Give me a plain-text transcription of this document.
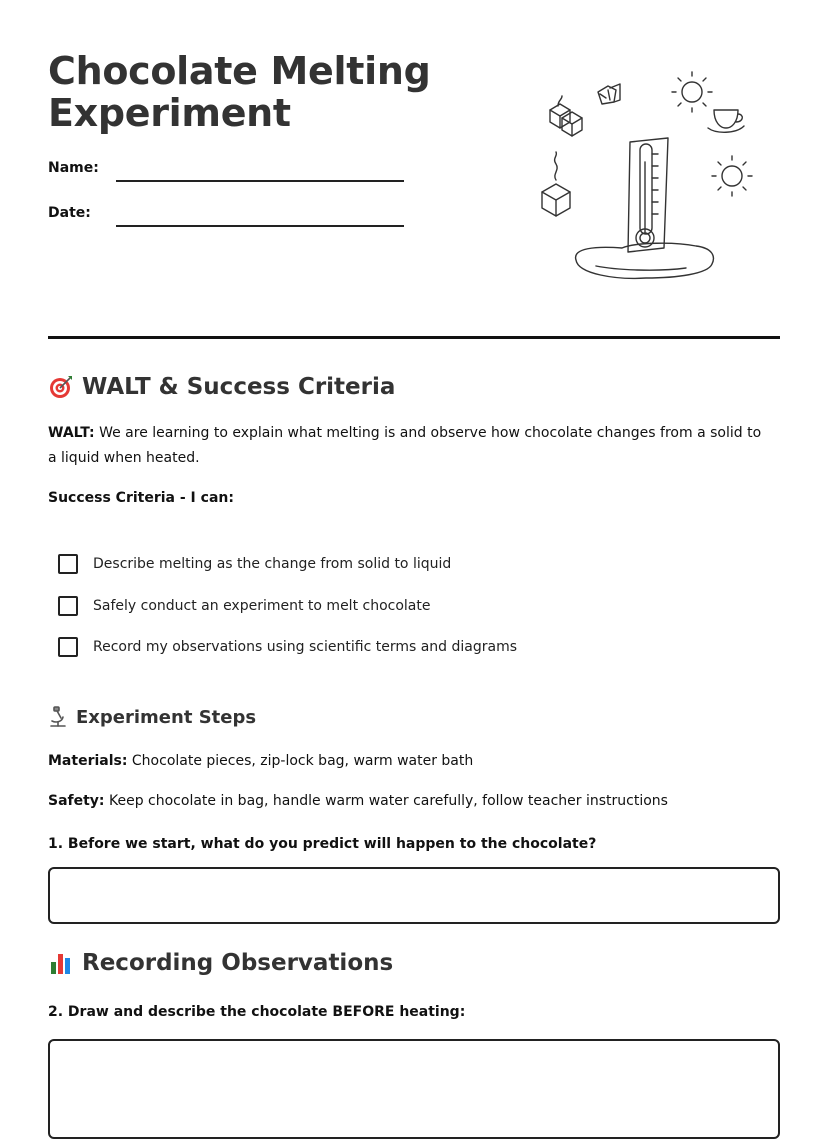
Chocolate Melting Experiment
Name:
Date:
WALT & Success Criteria

WALT: We are learning to explain what melting is and observe how chocolate changes from a solid to a liquid when heated.

Success Criteria - I can:

Describe melting as the change from solid to liquid
Safely conduct an experiment to melt chocolate
Record my observations using scientific terms and diagrams
Experiment Steps

Materials: Chocolate pieces, zip-lock bag, warm water bath

Safety: Keep chocolate in bag, handle warm water carefully, follow teacher instructions

1. Before we start, what do you predict will happen to the chocolate?

Recording Observations

2. Draw and describe the chocolate BEFORE heating:
